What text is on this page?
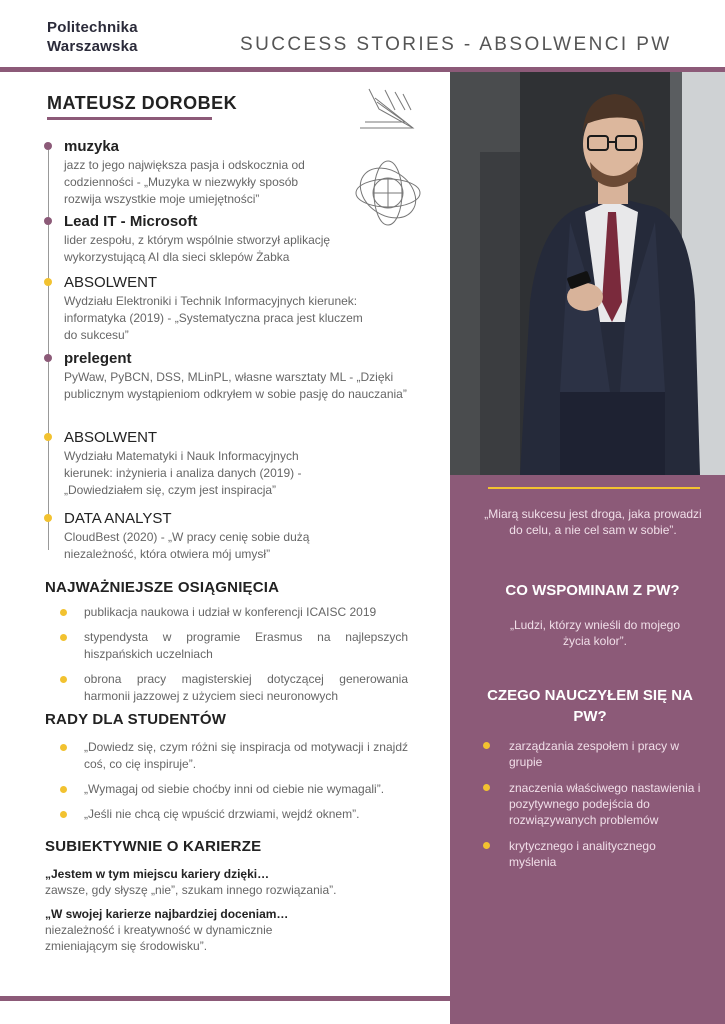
Politechnika
Warszawska	SUCCESS STORIES - ABSOLWENCI PW
MATEUSZ DOROBEK
muzyka
jazz to jego największa pasja i odskocznia od codzienności - „Muzyka w niezwykły sposób rozwija wszystkie moje umiejętności”
Lead IT - Microsoft
lider zespołu, z którym wspólnie stworzył aplikację wykorzystującą AI dla sieci sklepów Żabka
ABSOLWENT
Wydziału Elektroniki i Technik Informacyjnych kierunek: informatyka (2019) - „Systematyczna praca jest kluczem do sukcesu”
prelegent
PyWaw, PyBCN, DSS, MLinPL, własne warsztaty ML - „Dzięki publicznym wystąpieniom odkryłem w sobie pasję do nauczania”
ABSOLWENT
Wydziału Matematyki i Nauk Informacyjnych kierunek: inżynieria i analiza danych (2019) - „Dowiedziałem się, czym jest inspiracja”
DATA ANALYST
CloudBest (2020) - „W pracy cenię sobie dużą niezależność, która otwiera mój umysł”
NAJWAŻNIEJSZE OSIĄGNIĘCIA
publikacja naukowa i udział w konferencji ICAISC 2019
stypendysta w programie Erasmus na najlepszych hiszpańskich uczelniach
obrona pracy magisterskiej dotyczącej generowania harmonii jazzowej z użyciem sieci neuronowych
RADY DLA STUDENTÓW
„Dowiedz się, czym różni się inspiracja od motywacji i znajdź coś, co cię inspiruje”.
„Wymagaj od siebie choćby inni od ciebie nie wymagali”.
„Jeśli nie chcą cię wpuścić drzwiami, wejdź oknem”.
SUBIEKTYWNIE O KARIERZE
„Jestem w tym miejscu kariery dzięki…
zawsze, gdy słyszę „nie”, szukam innego rozwiązania”.
„W swojej karierze najbardziej doceniam…
niezależność i kreatywność w dynamicznie zmieniającym się środowisku”.
„Miarą sukcesu jest droga, jaka prowadzi do celu, a nie cel sam w sobie”.
CO WSPOMINAM Z PW?
„Ludzi, którzy wnieśli do mojego życia kolor”.
CZEGO NAUCZYŁEM SIĘ NA PW?
zarządzania zespołem i pracy w grupie
znaczenia właściwego nastawienia i pozytywnego podejścia do rozwiązywanych problemów
krytycznego i analitycznego myślenia
